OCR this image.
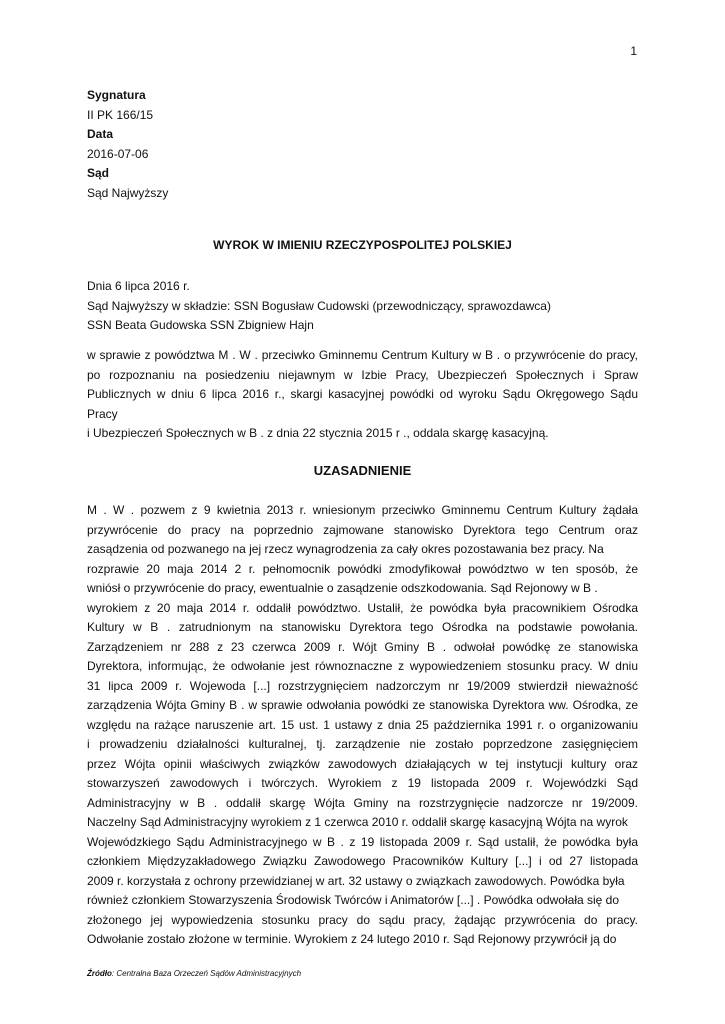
1
Sygnatura
II PK 166/15
Data
2016-07-06
Sąd
Sąd Najwyższy
WYROK W IMIENIU RZECZYPOSPOLITEJ POLSKIEJ
Dnia 6 lipca 2016 r.
Sąd Najwyższy w składzie: SSN Bogusław Cudowski (przewodniczący, sprawozdawca)
SSN Beata Gudowska SSN Zbigniew Hajn
w sprawie z powództwa M . W . przeciwko Gminnemu Centrum Kultury w B . o przywrócenie do pracy,
po rozpoznaniu na posiedzeniu niejawnym w Izbie Pracy, Ubezpieczeń Społecznych i Spraw
Publicznych w dniu 6 lipca 2016 r., skargi kasacyjnej powódki od wyroku Sądu Okręgowego Sądu Pracy
i Ubezpieczeń Społecznych w B . z dnia 22 stycznia 2015 r ., oddala skargę kasacyjną.
UZASADNIENIE
M . W . pozwem z 9 kwietnia 2013 r. wniesionym przeciwko Gminnemu Centrum Kultury żądała
przywrócenie do pracy na poprzednio zajmowane stanowisko Dyrektora tego Centrum oraz
zasądzenia od pozwanego na jej rzecz wynagrodzenia za cały okres pozostawania bez pracy. Na
rozprawie 20 maja 2014 2 r. pełnomocnik powódki zmodyfikował powództwo w ten sposób, że
wniósł o przywrócenie do pracy, ewentualnie o zasądzenie odszkodowania. Sąd Rejonowy w B .
wyrokiem z 20 maja 2014 r. oddalił powództwo. Ustalił, że powódka była pracownikiem Ośrodka
Kultury w B . zatrudnionym na stanowisku Dyrektora tego Ośrodka na podstawie powołania.
Zarządzeniem nr 288 z 23 czerwca 2009 r. Wójt Gminy B . odwołał powódkę ze stanowiska
Dyrektora, informując, że odwołanie jest równoznaczne z wypowiedzeniem stosunku pracy. W dniu
31 lipca 2009 r. Wojewoda [...] rozstrzygnięciem nadzorczym nr 19/2009 stwierdził nieważność
zarządzenia Wójta Gminy B . w sprawie odwołania powódki ze stanowiska Dyrektora ww. Ośrodka, ze
względu na rażące naruszenie art. 15 ust. 1 ustawy z dnia 25 października 1991 r. o organizowaniu
i prowadzeniu działalności kulturalnej, tj. zarządzenie nie zostało poprzedzone zasięgnięciem
przez Wójta opinii właściwych związków zawodowych działających w tej instytucji kultury oraz
stowarzyszeń zawodowych i twórczych. Wyrokiem z 19 listopada 2009 r. Wojewódzki Sąd
Administracyjny w B . oddalił skargę Wójta Gminy na rozstrzygnięcie nadzorcze nr 19/2009.
Naczelny Sąd Administracyjny wyrokiem z 1 czerwca 2010 r. oddalił skargę kasacyjną Wójta na wyrok
Wojewódzkiego Sądu Administracyjnego w B . z 19 listopada 2009 r. Sąd ustalił, że powódka była
członkiem Międzyzakładowego Związku Zawodowego Pracowników Kultury [...] i od 27 listopada
2009 r. korzystała z ochrony przewidzianej w art. 32 ustawy o związkach zawodowych. Powódka była
również członkiem Stowarzyszenia Środowisk Twórców i Animatorów [...] . Powódka odwołała się do
złożonego jej wypowiedzenia stosunku pracy do sądu pracy, żądając przywrócenia do pracy.
Odwołanie zostało złożone w terminie. Wyrokiem z 24 lutego 2010 r. Sąd Rejonowy przywrócił ją do
Źródło: Centralna Baza Orzeczeń Sądów Administracyjnych
